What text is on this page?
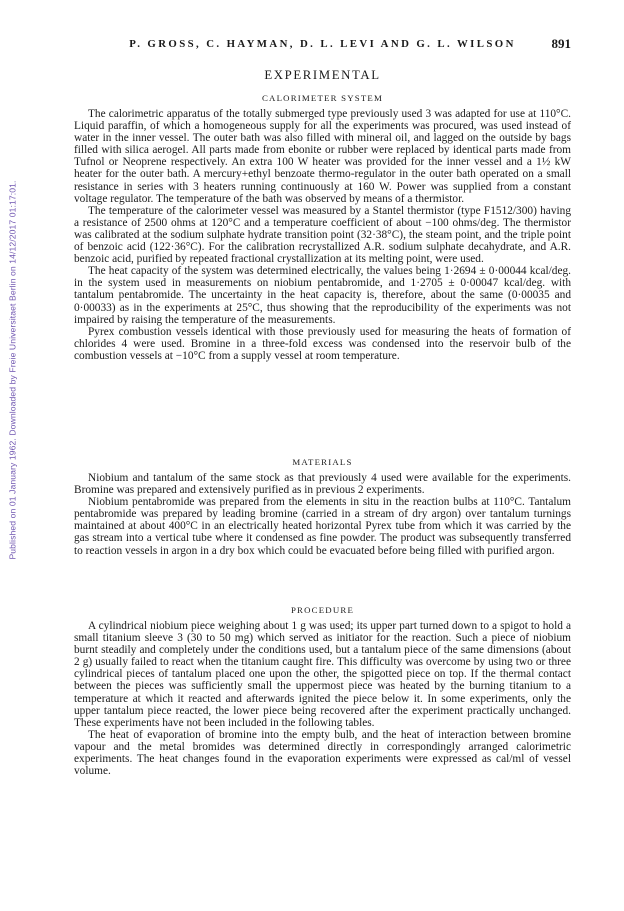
Published on 01 January 1962. Downloaded by Freie Universitaet Berlin on 14/12/2017 01:17:01.
P. GROSS, C. HAYMAN, D. L. LEVI AND G. L. WILSON	891
EXPERIMENTAL
CALORIMETER SYSTEM

The calorimetric apparatus of the totally submerged type previously used 3 was adapted for use at 110°C. Liquid paraffin, of which a homogeneous supply for all the experiments was procured, was used instead of water in the inner vessel. The outer bath was also filled with mineral oil, and lagged on the outside by bags filled with silica aerogel. All parts made from ebonite or rubber were replaced by identical parts made from Tufnol or Neoprene respectively. An extra 100 W heater was provided for the inner vessel and a 1½ kW heater for the outer bath. A mercury+ethyl benzoate thermo-regulator in the outer bath operated on a small resistance in series with 3 heaters running continuously at 160 W. Power was supplied from a constant voltage regulator. The temperature of the bath was observed by means of a thermistor.

The temperature of the calorimeter vessel was measured by a Stantel thermistor (type F1512/300) having a resistance of 2500 ohms at 120°C and a temperature coefficient of about −100 ohms/deg. The thermistor was calibrated at the sodium sulphate hydrate transition point (32·38°C), the steam point, and the triple point of benzoic acid (122·36°C). For the calibration recrystallized A.R. sodium sulphate decahydrate, and A.R. benzoic acid, purified by repeated fractional crystallization at its melting point, were used.

The heat capacity of the system was determined electrically, the values being 1·2694 ± 0·00044 kcal/deg. in the system used in measurements on niobium pentabromide, and 1·2705 ± 0·00047 kcal/deg. with tantalum pentabromide. The uncertainty in the heat capacity is, therefore, about the same (0·00035 and 0·00033) as in the experiments at 25°C, thus showing that the reproducibility of the experiments was not impaired by raising the temperature of the measurements.

Pyrex combustion vessels identical with those previously used for measuring the heats of formation of chlorides 4 were used. Bromine in a three-fold excess was condensed into the reservoir bulb of the combustion vessels at −10°C from a supply vessel at room temperature.

MATERIALS

Niobium and tantalum of the same stock as that previously 4 used were available for the experiments. Bromine was prepared and extensively purified as in previous 2 experiments.

Niobium pentabromide was prepared from the elements in situ in the reaction bulbs at 110°C. Tantalum pentabromide was prepared by leading bromine (carried in a stream of dry argon) over tantalum turnings maintained at about 400°C in an electrically heated horizontal Pyrex tube from which it was carried by the gas stream into a vertical tube where it condensed as fine powder. The product was subsequently transferred to reaction vessels in argon in a dry box which could be evacuated before being filled with purified argon.

PROCEDURE

A cylindrical niobium piece weighing about 1 g was used; its upper part turned down to a spigot to hold a small titanium sleeve 3 (30 to 50 mg) which served as initiator for the reaction. Such a piece of niobium burnt steadily and completely under the conditions used, but a tantalum piece of the same dimensions (about 2 g) usually failed to react when the titanium caught fire. This difficulty was overcome by using two or three cylindrical pieces of tantalum placed one upon the other, the spigotted piece on top. If the thermal contact between the pieces was sufficiently small the uppermost piece was heated by the burning titanium to a temperature at which it reacted and afterwards ignited the piece below it. In some experiments, only the upper tantalum piece reacted, the lower piece being recovered after the experiment practically unchanged. These experiments have not been included in the following tables.

The heat of evaporation of bromine into the empty bulb, and the heat of interaction between bromine vapour and the metal bromides was determined directly in correspondingly arranged calorimetric experiments. The heat changes found in the evaporation experiments were expressed as cal/ml of vessel volume.
